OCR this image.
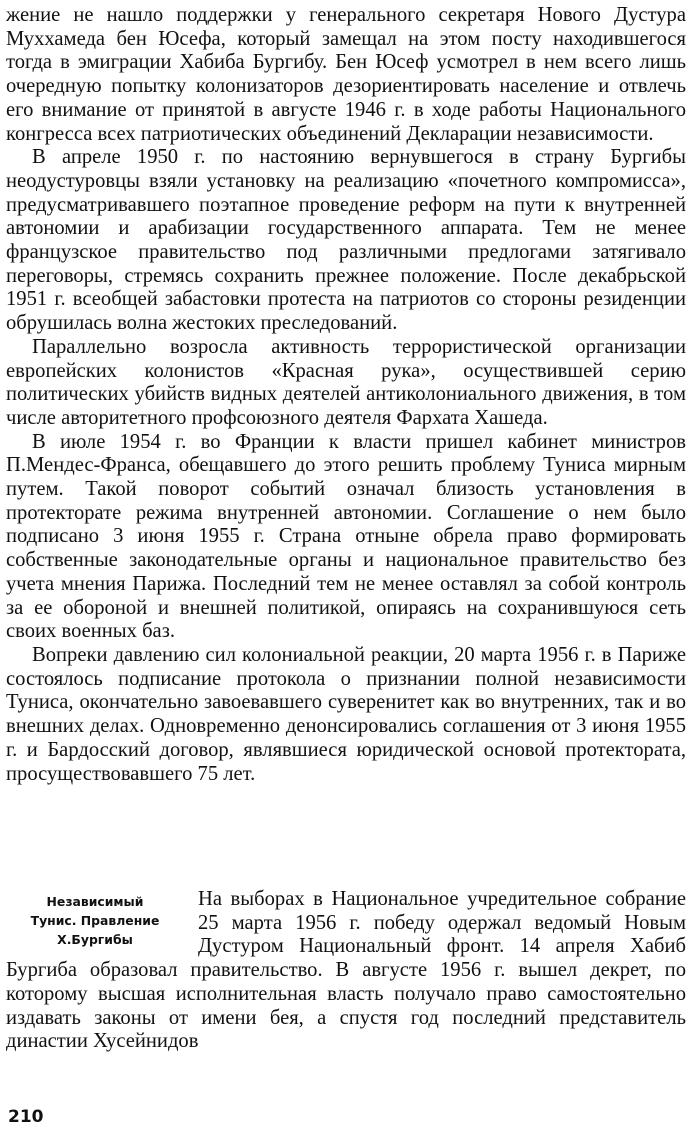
жение не нашло поддержки у генерального секретаря Нового Дустура Муххамеда бен Юсефа, который замещал на этом посту находившегося тогда в эмиграции Хабиба Бургибу. Бен Юсеф усмотрел в нем всего лишь очередную попытку колонизаторов дезориентировать население и отвлечь его внимание от принятой в августе 1946 г. в ходе работы Национального конгресса всех патриотических объединений Декларации независимости.

В апреле 1950 г. по настоянию вернувшегося в страну Бургибы неодустуровцы взяли установку на реализацию «почетного компромисса», предусматривавшего поэтапное проведение реформ на пути к внутренней автономии и арабизации государственного аппарата. Тем не менее французское правительство под различными предлогами затягивало переговоры, стремясь сохранить прежнее положение. После декабрьской 1951 г. всеобщей забастовки протеста на патриотов со стороны резиденции обрушилась волна жестоких преследований.

Параллельно возросла активность террористической организации европейских колонистов «Красная рука», осуществившей серию политических убийств видных деятелей антиколониального движения, в том числе авторитетного профсоюзного деятеля Фархата Хашеда.

В июле 1954 г. во Франции к власти пришел кабинет министров П.Мендес-Франса, обещавшего до этого решить проблему Туниса мирным путем. Такой поворот событий означал близость установления в протекторате режима внутренней автономии. Соглашение о нем было подписано 3 июня 1955 г. Страна отныне обрела право формировать собственные законодательные органы и национальное правительство без учета мнения Парижа. Последний тем не менее оставлял за собой контроль за ее обороной и внешней политикой, опираясь на сохранившуюся сеть своих военных баз.

Вопреки давлению сил колониальной реакции, 20 марта 1956 г. в Париже состоялось подписание протокола о признании полной независимости Туниса, окончательно завоевавшего суверенитет как во внутренних, так и во внешних делах. Одновременно денонсировались соглашения от 3 июня 1955 г. и Бардосский договор, являвшиеся юридической основой протектората, просуществовавшего 75 лет.

Независимый
Тунис. Правление
Х.Бургибы

На выборах в Национальное учредительное собрание 25 марта 1956 г. победу одержал ведомый Новым Дустуром Национальный фронт. 14 апреля Хабиб Бургиба образовал правительство. В августе 1956 г. вышел декрет, по которому высшая исполнительная власть получало право самостоятельно издавать законы от имени бея, а спустя год последний представитель династии Хусейнидов

210
